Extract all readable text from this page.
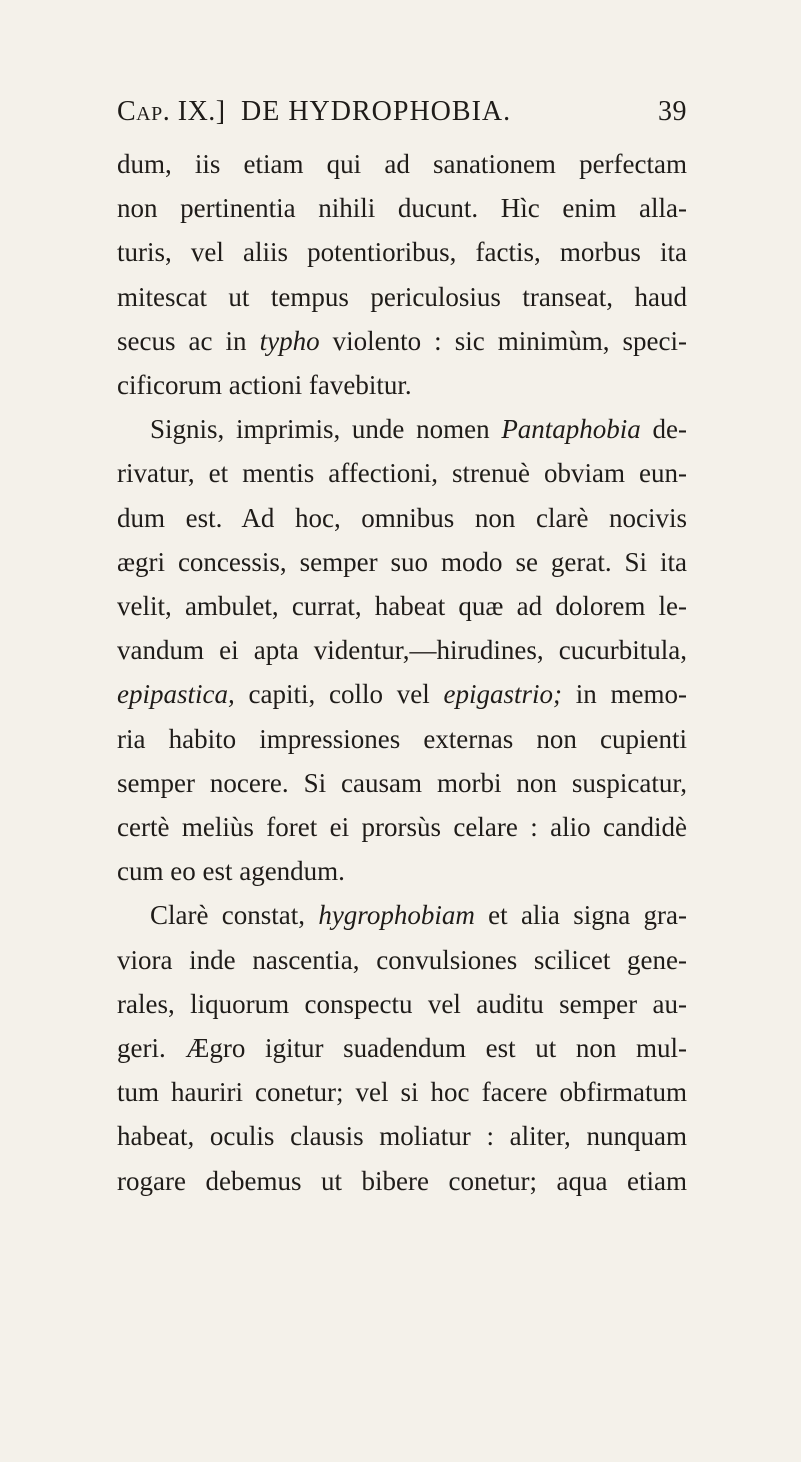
Cap. IX.] DE HYDROPHOBIA.	39
dum, iis etiam qui ad sanationem perfectam
non pertinentia nihili ducunt. Hìc enim alla-
turis, vel aliis potentioribus, factis, morbus ita
mitescat ut tempus periculosius transeat, haud
secus ac in typho violento : sic minimùm, speci-
cificorum actioni favebitur.
Signis, imprimis, unde nomen Pantaphobia de-
rivatur, et mentis affectioni, strenuè obviam eun-
dum est. Ad hoc, omnibus non clarè nocivis
ægri concessis, semper suo modo se gerat. Si ita
velit, ambulet, currat, habeat quæ ad dolorem le-
vandum ei apta videntur,—hirudines, cucurbitula,
epipastica, capiti, collo vel epigastrio; in memo-
ria habito impressiones externas non cupienti
semper nocere. Si causam morbi non suspicatur,
certè meliùs foret ei prorsùs celare : alio candidè
cum eo est agendum.
Clarè constat, hygrophobiam et alia signa gra-
viora inde nascentia, convulsiones scilicet gene-
rales, liquorum conspectu vel auditu semper au-
geri. Ægro igitur suadendum est ut non mul-
tum hauriri conetur; vel si hoc facere obfirmatum
habeat, oculis clausis moliatur : aliter, nunquam
rogare debemus ut bibere conetur; aqua etiam
